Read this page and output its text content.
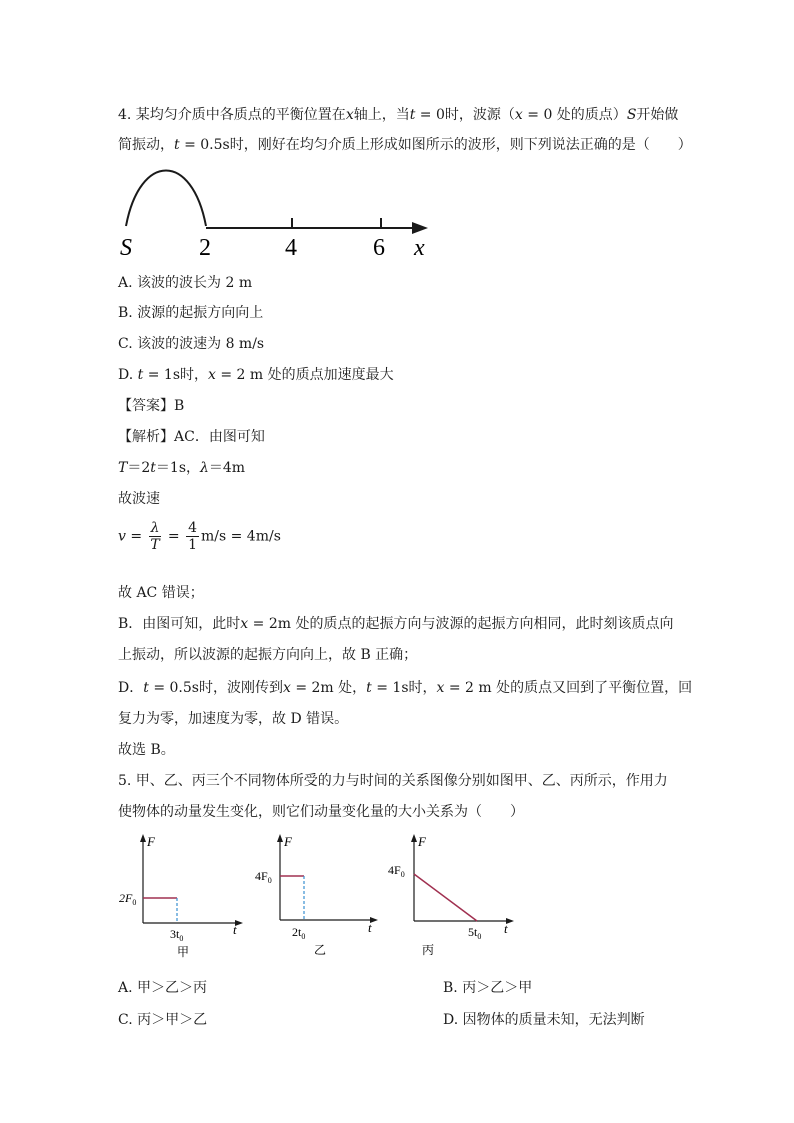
4. 某均匀介质中各质点的平衡位置在x轴上，当t = 0时，波源（x = 0 处的质点）S开始做
简振动，t = 0.5s时，刚好在均匀介质上形成如图所示的波形，则下列说法正确的是（　　）
S	2	4	6 x
A. 该波的波长为 2 m
B. 波源的起振方向向上
C. 该波的波速为 8 m/s
D. t = 1s时，x = 2 m 处的质点加速度最大
【答案】B
【解析】AC．由图可知
T＝2t＝1s，λ＝4m
故波速
$v = \frac{\lambda}{T} = \frac{4}{1} m/s = 4m/s$
故 AC 错误；
B．由图可知，此时x = 2m 处的质点的起振方向与波源的起振方向相同，此时刻该质点向
上振动，所以波源的起振方向向上，故 B 正确；
D．t = 0.5s时，波刚传到x = 2m 处，t = 1s时，x = 2 m 处的质点又回到了平衡位置，回
复力为零，加速度为零，故 D 错误。
故选 B。
5. 甲、乙、丙三个不同物体所受的力与时间的关系图像分别如图甲、乙、丙所示，作用力
使物体的动量发生变化，则它们动量变化量的大小关系为（　　）
F
t
$2F_0$
$3t_0$
甲
F
t
$4F_0$
$2t_0$
乙
F
t
$4F_0$
$5t_0$
丙
A. 甲＞乙＞丙	B. 丙＞乙＞甲
C. 丙＞甲＞乙	D. 因物体的质量未知，无法判断
